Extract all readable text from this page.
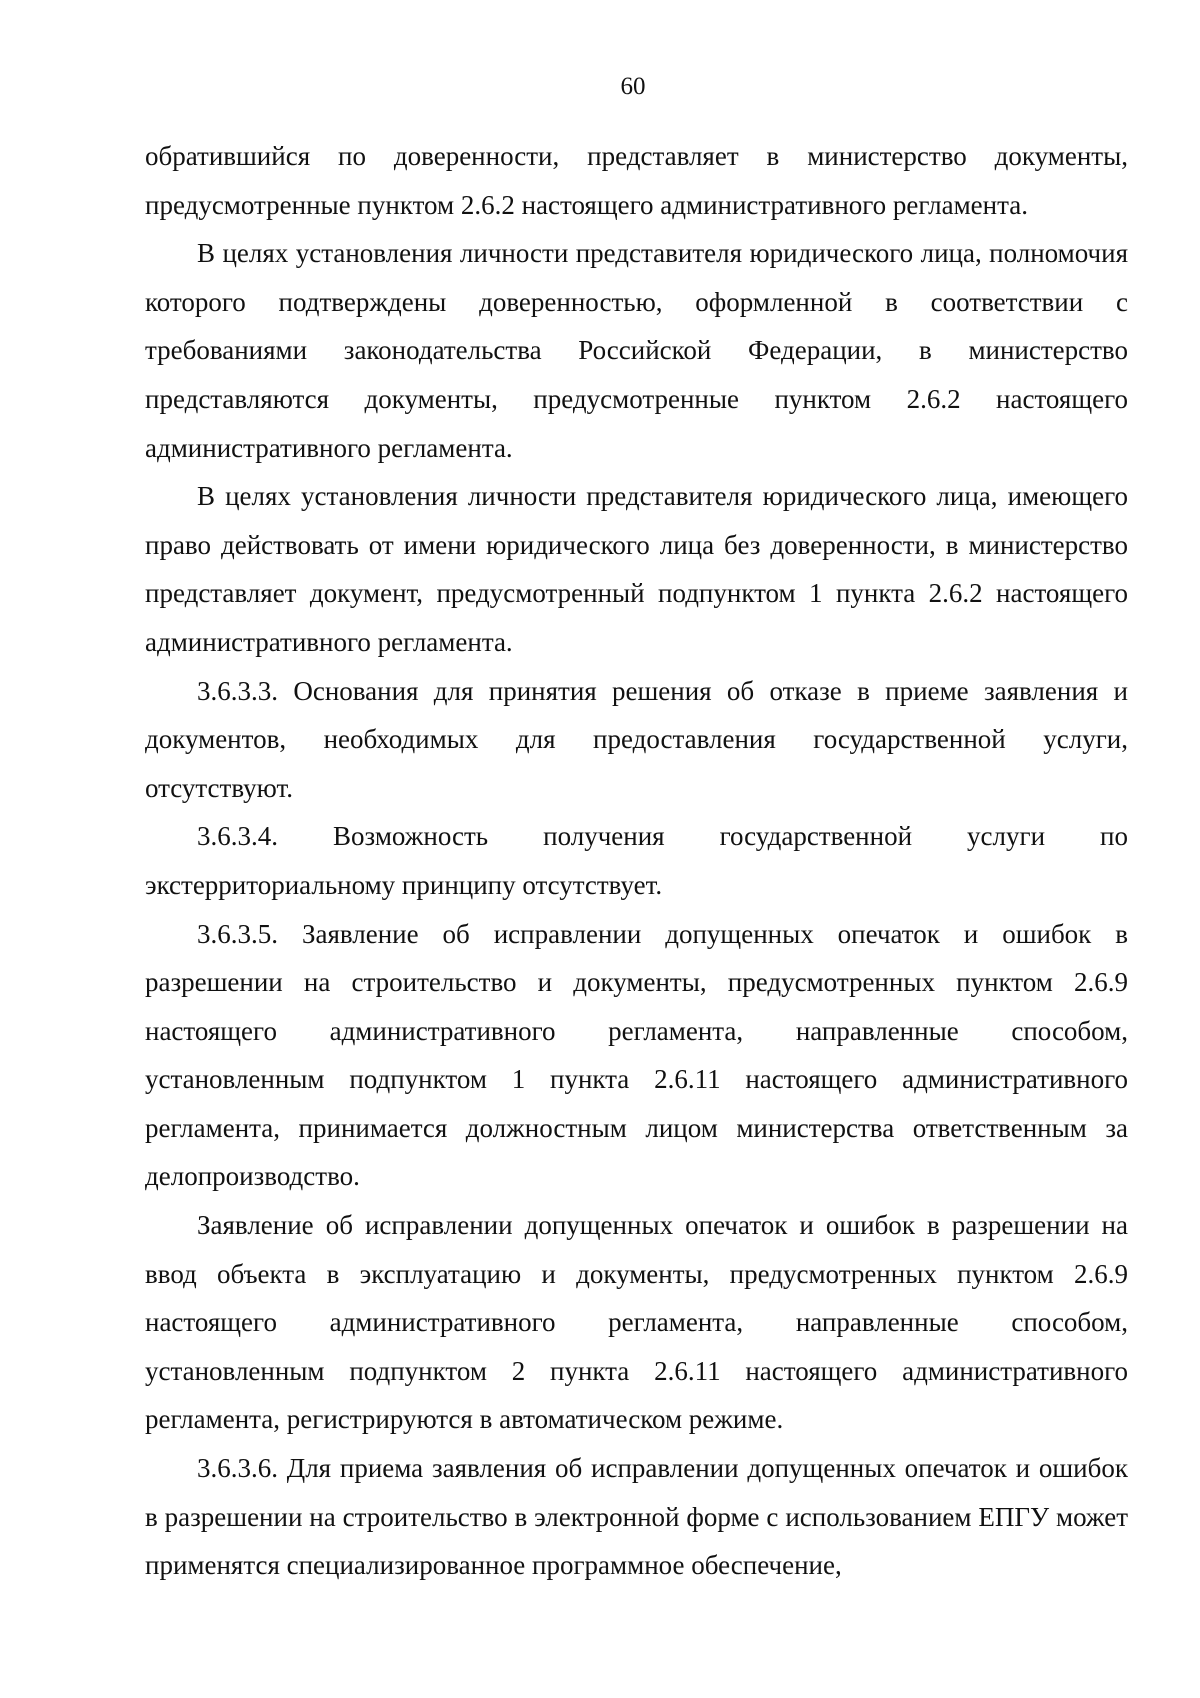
60

обратившийся по доверенности, представляет в министерство документы, предусмотренные пунктом 2.6.2 настоящего административного регламента.

В целях установления личности представителя юридического лица, полномочия которого подтверждены доверенностью, оформленной в соответствии с требованиями законодательства Российской Федерации, в министерство представляются документы, предусмотренные пунктом 2.6.2 настоящего административного регламента.

В целях установления личности представителя юридического лица, имеющего право действовать от имени юридического лица без доверенности, в министерство представляет документ, предусмотренный подпунктом 1 пункта 2.6.2 настоящего административного регламента.

3.6.3.3. Основания для принятия решения об отказе в приеме заявления и документов, необходимых для предоставления государственной услуги, отсутствуют.

3.6.3.4. Возможность получения государственной услуги по экстерриториальному принципу отсутствует.

3.6.3.5. Заявление об исправлении допущенных опечаток и ошибок в разрешении на строительство и документы, предусмотренных пунктом 2.6.9 настоящего административного регламента, направленные способом, установленным подпунктом 1 пункта 2.6.11 настоящего административного регламента, принимается должностным лицом министерства ответственным за делопроизводство.

Заявление об исправлении допущенных опечаток и ошибок в разрешении на ввод объекта в эксплуатацию и документы, предусмотренных пунктом 2.6.9 настоящего административного регламента, направленные способом, установленным подпунктом 2 пункта 2.6.11 настоящего административного регламента, регистрируются в автоматическом режиме.

3.6.3.6. Для приема заявления об исправлении допущенных опечаток и ошибок в разрешении на строительство в электронной форме с использованием ЕПГУ может применятся специализированное программное обеспечение,
